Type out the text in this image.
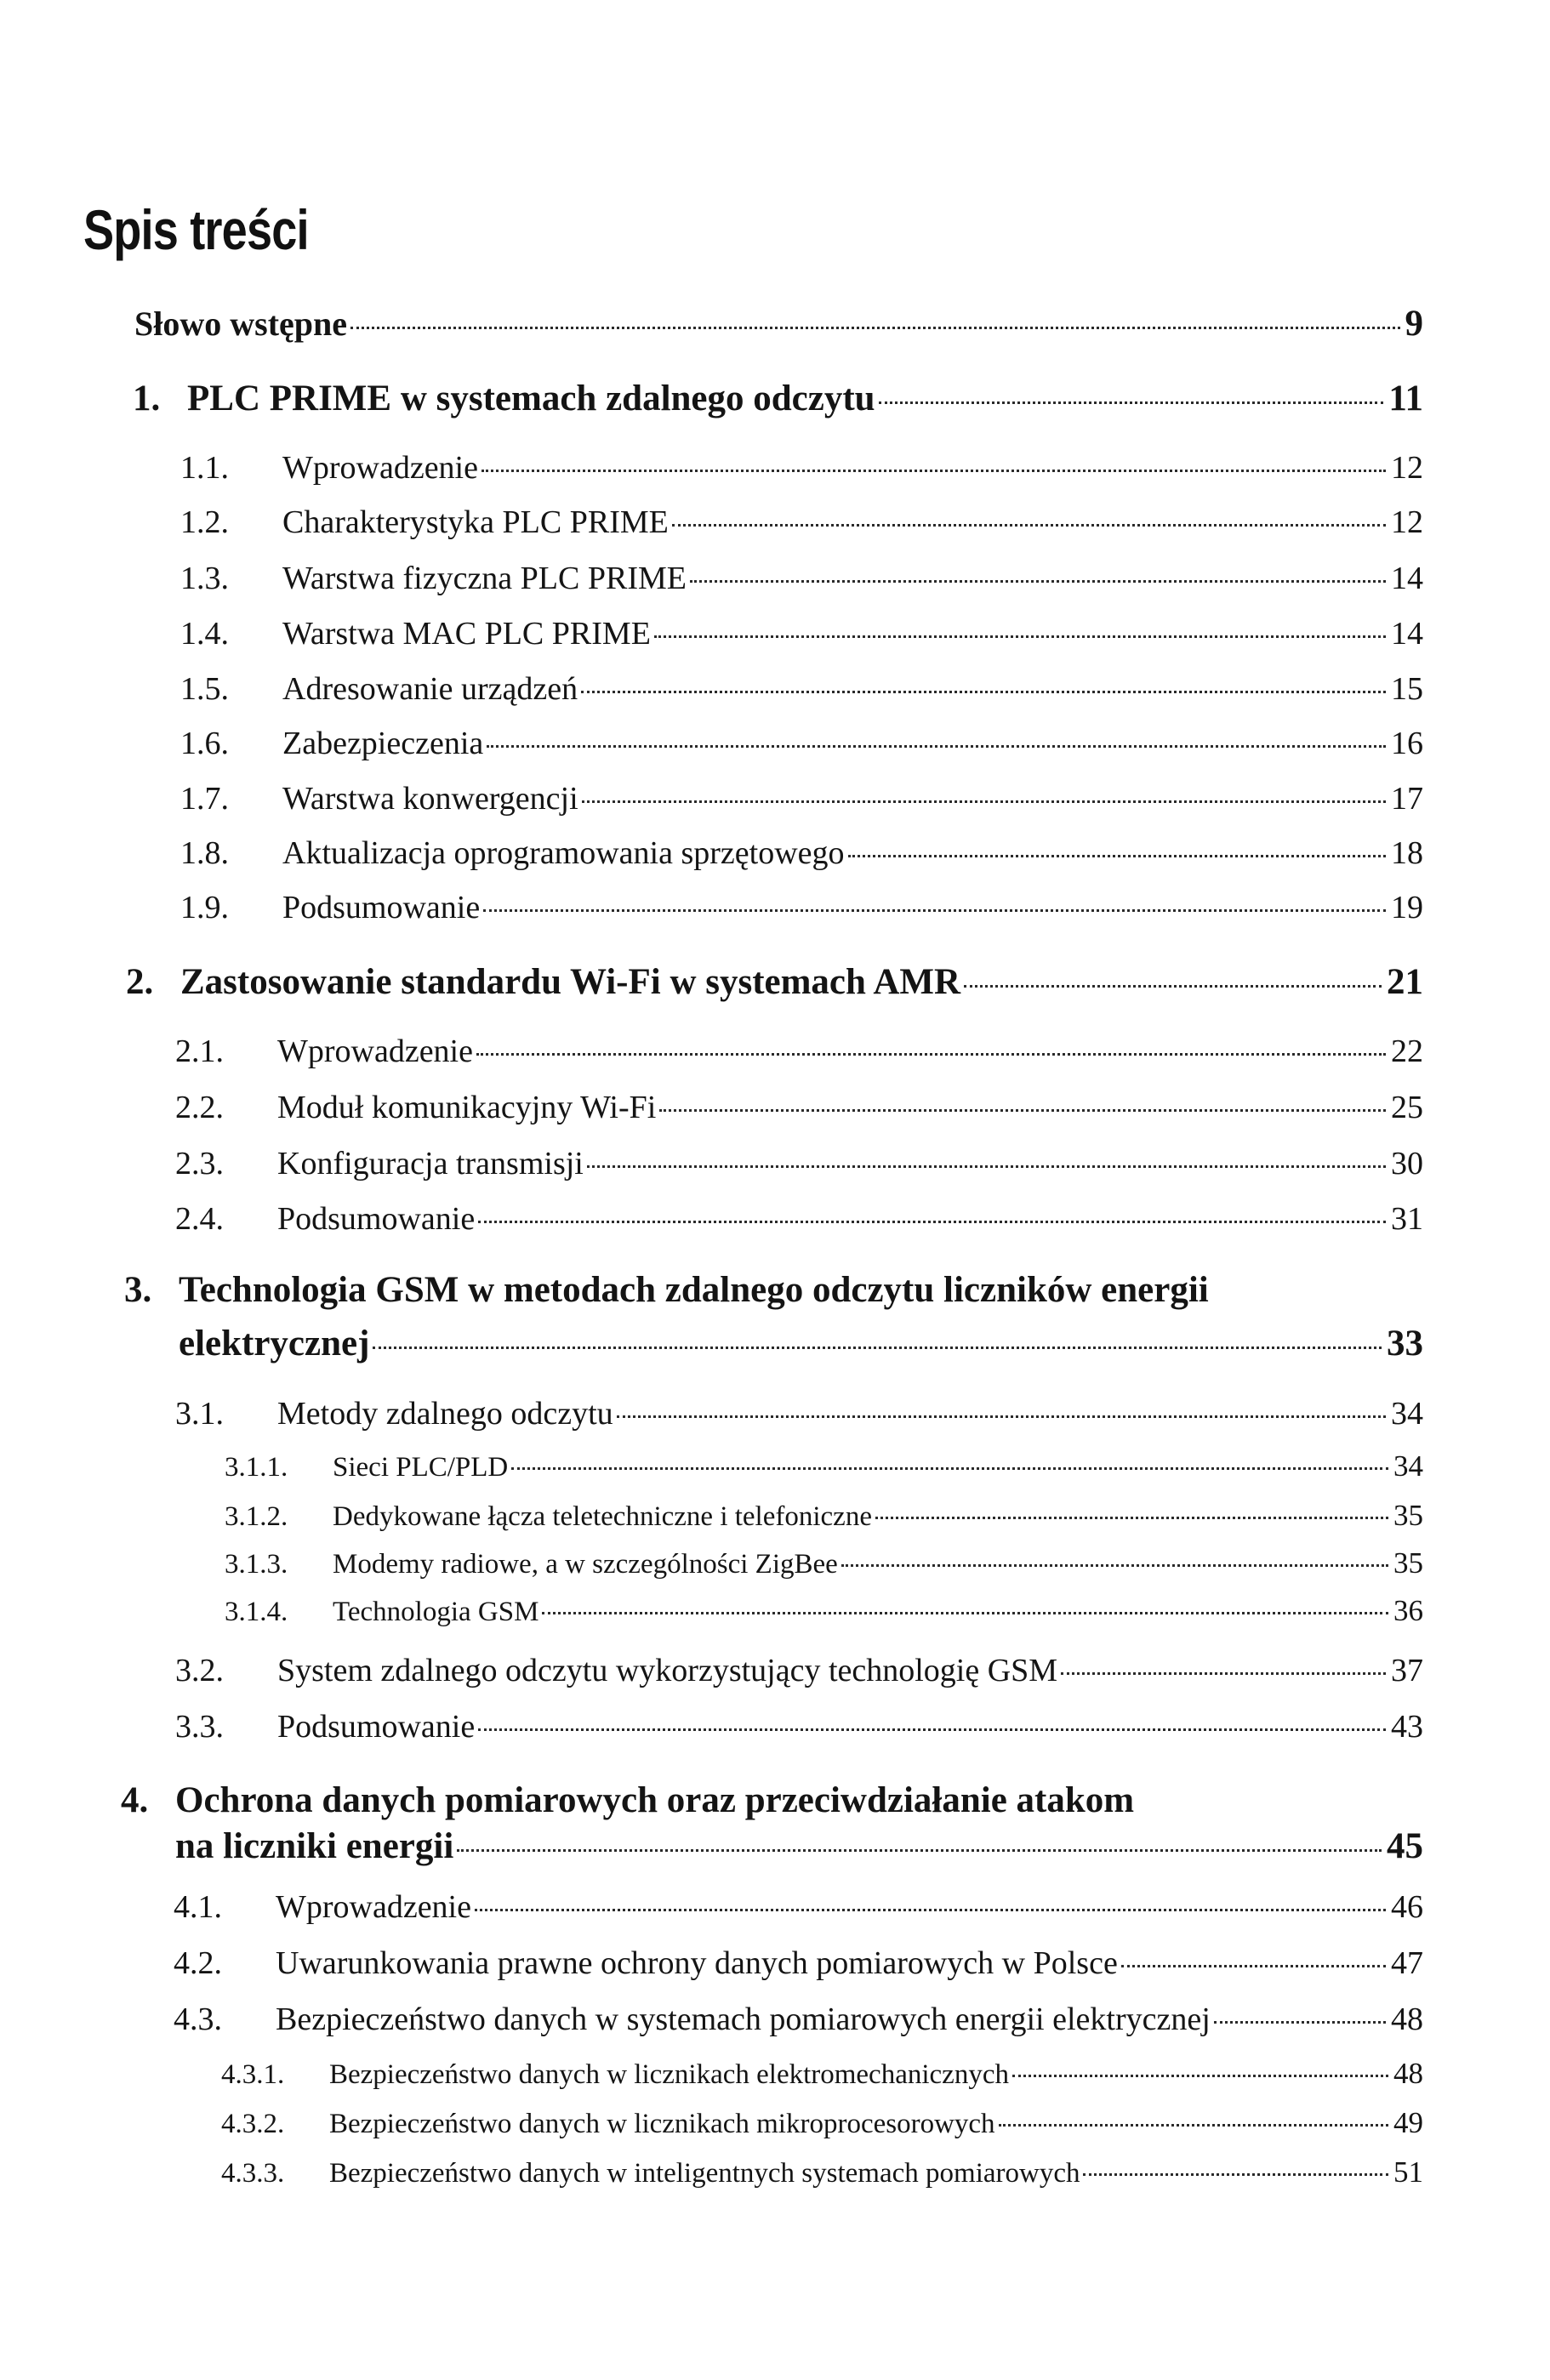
Spis treści
Słowo wstępne	9
1. PLC PRIME w systemach zdalnego odczytu	11
1.1.	Wprowadzenie	12
1.2.	Charakterystyka PLC PRIME	12
1.3.	Warstwa fizyczna PLC PRIME	14
1.4.	Warstwa MAC PLC PRIME	14
1.5.	Adresowanie urządzeń	15
1.6.	Zabezpieczenia	16
1.7.	Warstwa konwergencji	17
1.8.	Aktualizacja oprogramowania sprzętowego	18
1.9.	Podsumowanie	19
2. Zastosowanie standardu Wi-Fi w systemach AMR	21
2.1.	Wprowadzenie	22
2.2.	Moduł komunikacyjny Wi-Fi	25
2.3.	Konfiguracja transmisji	30
2.4.	Podsumowanie	31
3. Technologia GSM w metodach zdalnego odczytu liczników energii
elektrycznej	33
3.1.	Metody zdalnego odczytu	34
3.1.1.	Sieci PLC/PLD	34
3.1.2.	Dedykowane łącza teletechniczne i telefoniczne	35
3.1.3.	Modemy radiowe, a w szczególności ZigBee	35
3.1.4.	Technologia GSM	36
3.2.	System zdalnego odczytu wykorzystujący technologię GSM	37
3.3.	Podsumowanie	43
4. Ochrona danych pomiarowych oraz przeciwdziałanie atakom
na liczniki energii	45
4.1.	Wprowadzenie	46
4.2.	Uwarunkowania prawne ochrony danych pomiarowych w Polsce	47
4.3.	Bezpieczeństwo danych w systemach pomiarowych energii elektrycznej	48
4.3.1.	Bezpieczeństwo danych w licznikach elektromechanicznych	48
4.3.2.	Bezpieczeństwo danych w licznikach mikroprocesorowych	49
4.3.3.	Bezpieczeństwo danych w inteligentnych systemach pomiarowych	51
